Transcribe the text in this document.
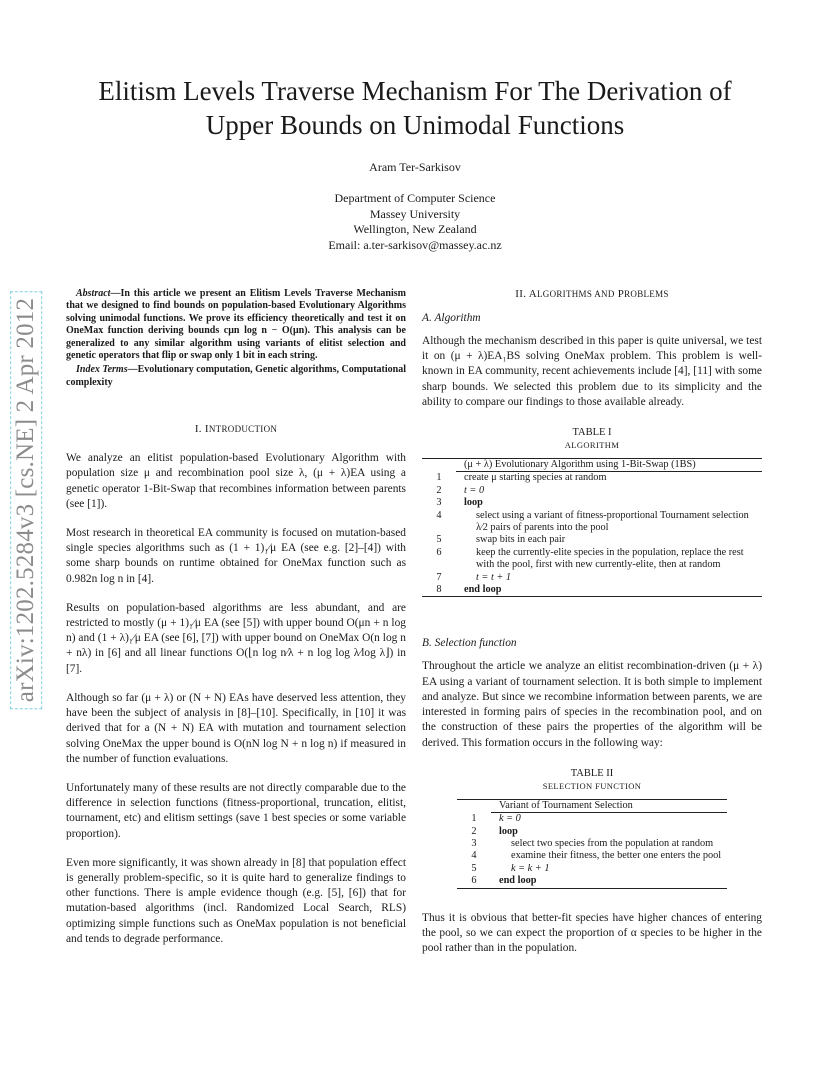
arXiv:1202.5284v3 [cs.NE] 2 Apr 2012
Elitism Levels Traverse Mechanism For The Derivation of
Upper Bounds on Unimodal Functions
Aram Ter-Sarkisov
Department of Computer Science
Massey University
Wellington, New Zealand
Email: a.ter-sarkisov@massey.ac.nz
Abstract—In this article we present an Elitism Levels Traverse Mechanism that we designed to find bounds on population-based Evolutionary Algorithms solving unimodal functions. We prove its efficiency theoretically and test it on OneMax function deriving bounds cμn log n − O(μn). This analysis can be generalized to any similar algorithm using variants of elitist selection and genetic operators that flip or swap only 1 bit in each string.
Index Terms—Evolutionary computation, Genetic algorithms, Computational complexity
I. INTRODUCTION

We analyze an elitist population-based Evolutionary Algorithm with population size μ and recombination pool size λ, (μ + λ)EA using a genetic operator 1-Bit-Swap that recombines information between parents (see [1]).

Most research in theoretical EA community is focused on mutation-based single species algorithms such as (1 + 1)₁⁄μ EA (see e.g. [2]–[4]) with some sharp bounds on runtime obtained for OneMax function such as 0.982n log n in [4].

Results on population-based algorithms are less abundant, and are restricted to mostly (μ + 1)₁⁄μ EA (see [5]) with upper bound O(μn + n log n) and (1 + λ)₁⁄μ EA (see [6], [7]) with upper bound on OneMax O(n log n + nλ) in [6] and all linear functions O(⌊n log n⁄λ + n log log λ⁄log λ⌋) in [7].

Although so far (μ + λ) or (N + N) EAs have deserved less attention, they have been the subject of analysis in [8]–[10]. Specifically, in [10] it was derived that for a (N + N) EA with mutation and tournament selection solving OneMax the upper bound is O(nN log N + n log n) if measured in the number of function evaluations.

Unfortunately many of these results are not directly comparable due to the difference in selection functions (fitness-proportional, truncation, elitist, tournament, etc) and elitism settings (save 1 best species or some variable proportion).

Even more significantly, it was shown already in [8] that population effect is generally problem-specific, so it is quite hard to generalize findings to other functions. There is ample evidence though (e.g. [5], [6]) that for mutation-based algorithms (incl. Randomized Local Search, RLS) optimizing simple functions such as OneMax population is not beneficial and tends to degrade performance.

II. ALGORITHMS AND PROBLEMS
A. Algorithm

Although the mechanism described in this paper is quite universal, we test it on (μ + λ)EA₁BS solving OneMax problem. This problem is well-known in EA community, recent achievements include [4], [11] with some sharp bounds. We selected this problem due to its simplicity and the ability to compare our findings to those available already.

TABLE I
ALGORITHM
	(μ + λ) Evolutionary Algorithm using 1-Bit-Swap (1BS)
1	create μ starting species at random
2	t = 0
3	loop
4	select using a variant of fitness-proportional Tournament selection
	λ⁄2 pairs of parents into the pool
5	swap bits in each pair
6	keep the currently-elite species in the population, replace the rest
	with the pool, first with new currently-elite, then at random
7	t = t + 1
8	end loop
B. Selection function

Throughout the article we analyze an elitist recombination-driven (μ + λ) EA using a variant of tournament selection. It is both simple to implement and analyze. But since we recombine information between parents, we are interested in forming pairs of species in the recombination pool, and on the construction of these pairs the properties of the algorithm will be derived. This formation occurs in the following way:

TABLE II
SELECTION FUNCTION
	Variant of Tournament Selection
1	k = 0
2	loop
3	select two species from the population at random
4	examine their fitness, the better one enters the pool
5	k = k + 1
6	end loop

Thus it is obvious that better-fit species have higher chances of entering the pool, so we can expect the proportion of α species to be higher in the pool rather than in the population.
